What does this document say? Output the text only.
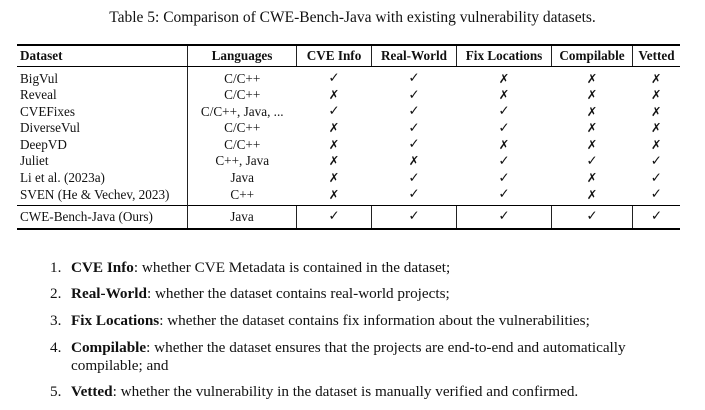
Table 5: Comparison of CWE-Bench-Java with existing vulnerability datasets.
Dataset	Languages	CVE Info	Real-World	Fix Locations	Compilable	Vetted
BigVul	C/C++	✓	✓	✗	✗	✗
Reveal	C/C++	✗	✓	✗	✗	✗
CVEFixes	C/C++, Java, ...	✓	✓	✓	✗	✗
DiverseVul	C/C++	✗	✓	✓	✗	✗
DeepVD	C/C++	✗	✓	✗	✗	✗
Juliet	C++, Java	✗	✗	✓	✓	✓
Li et al. (2023a)	Java	✗	✓	✓	✗	✓
SVEN (He & Vechev, 2023)	C++	✗	✓	✓	✗	✓
CWE-Bench-Java (Ours)	Java	✓	✓	✓	✓	✓
1. CVE Info: whether CVE Metadata is contained in the dataset;
2. Real-World: whether the dataset contains real-world projects;
3. Fix Locations: whether the dataset contains fix information about the vulnerabilities;
4. Compilable: whether the dataset ensures that the projects are end-to-end and automatically compilable; and
5. Vetted: whether the vulnerability in the dataset is manually verified and confirmed.
